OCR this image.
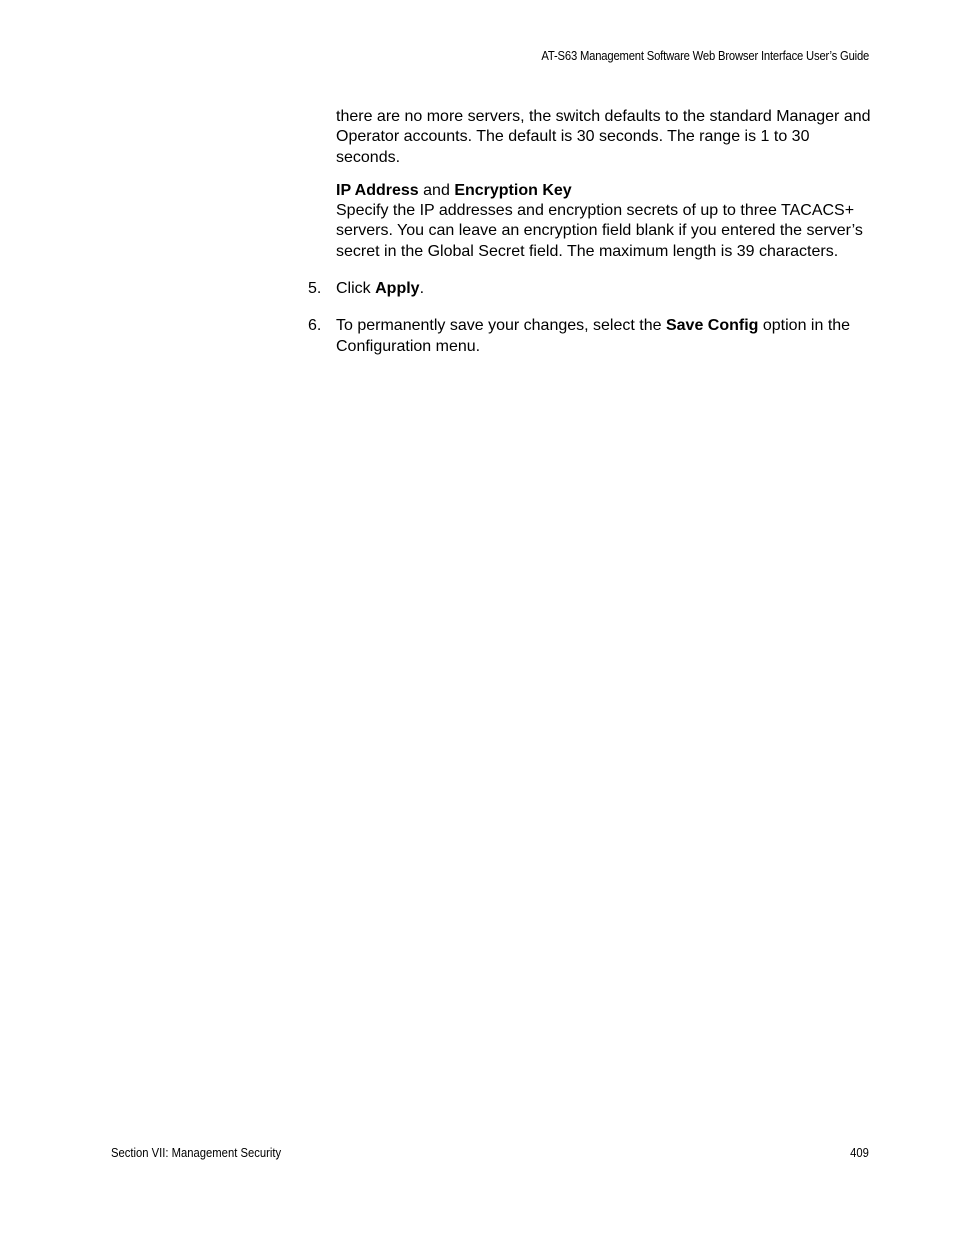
AT-S63 Management Software Web Browser Interface User’s Guide

there are no more servers, the switch defaults to the standard Manager and Operator accounts. The default is 30 seconds. The range is 1 to 30 seconds.

IP Address and Encryption Key

Specify the IP addresses and encryption secrets of up to three TACACS+ servers. You can leave an encryption field blank if you entered the server’s secret in the Global Secret field. The maximum length is 39 characters.

5. Click Apply.
6. To permanently save your changes, select the Save Config option in the Configuration menu.
Section VII: Management Security	409
